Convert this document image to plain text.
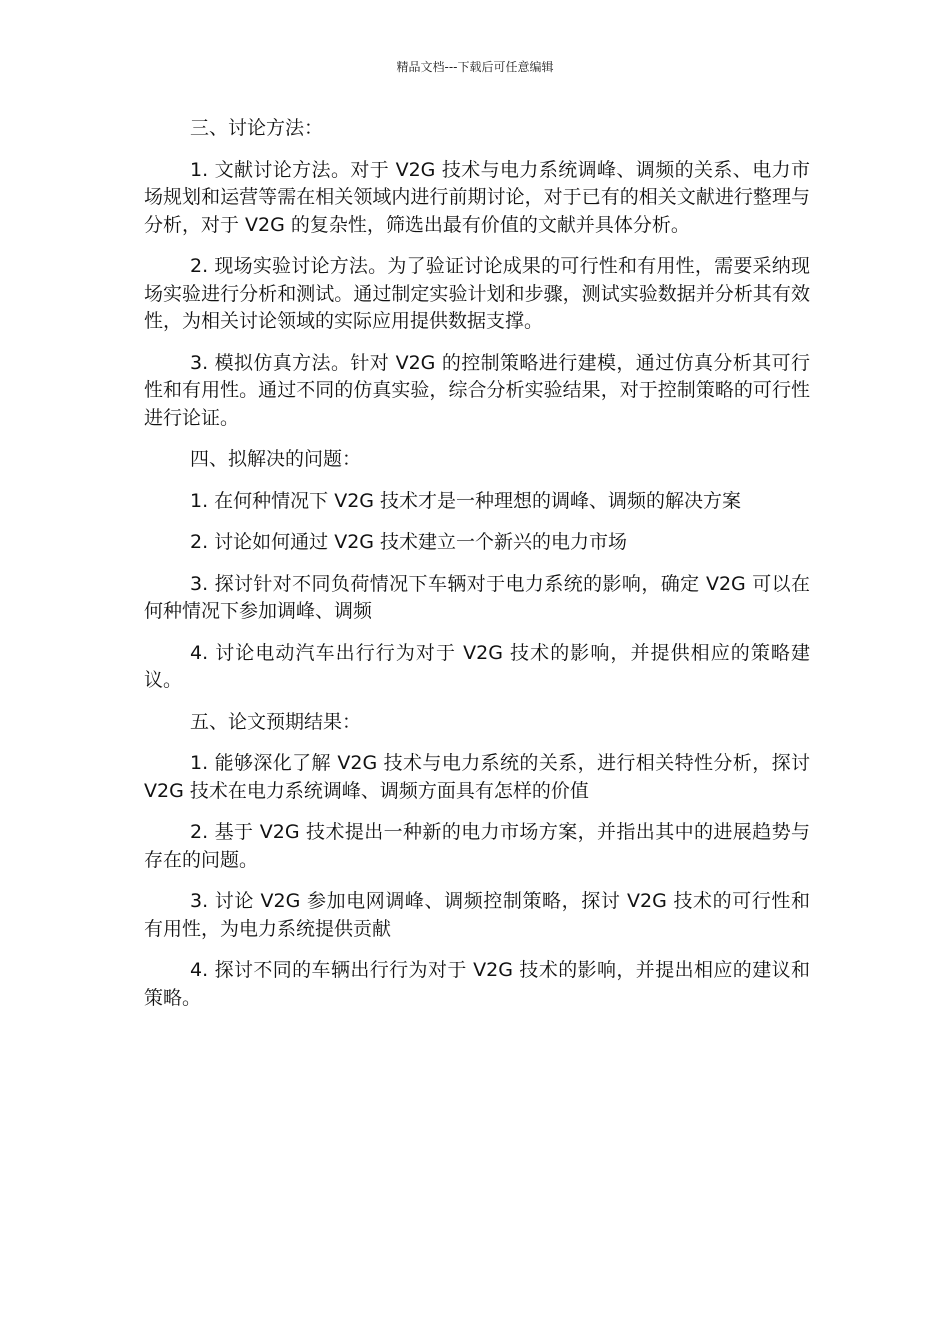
精品文档---下载后可任意编辑

三、讨论方法：

1. 文献讨论方法。对于 V2G 技术与电力系统调峰、调频的关系、电力市场规划和运营等需在相关领域内进行前期讨论，对于已有的相关文献进行整理与分析，对于 V2G 的复杂性，筛选出最有价值的文献并具体分析。

2. 现场实验讨论方法。为了验证讨论成果的可行性和有用性，需要采纳现场实验进行分析和测试。通过制定实验计划和步骤，测试实验数据并分析其有效性，为相关讨论领域的实际应用提供数据支撑。

3. 模拟仿真方法。针对 V2G 的控制策略进行建模，通过仿真分析其可行性和有用性。通过不同的仿真实验，综合分析实验结果，对于控制策略的可行性进行论证。

四、拟解决的问题：

1. 在何种情况下 V2G 技术才是一种理想的调峰、调频的解决方案

2. 讨论如何通过 V2G 技术建立一个新兴的电力市场

3. 探讨针对不同负荷情况下车辆对于电力系统的影响，确定 V2G 可以在何种情况下参加调峰、调频

4. 讨论电动汽车出行行为对于 V2G 技术的影响，并提供相应的策略建议。

五、论文预期结果：

1. 能够深化了解 V2G 技术与电力系统的关系，进行相关特性分析，探讨 V2G 技术在电力系统调峰、调频方面具有怎样的价值

2. 基于 V2G 技术提出一种新的电力市场方案，并指出其中的进展趋势与存在的问题。

3. 讨论 V2G 参加电网调峰、调频控制策略，探讨 V2G 技术的可行性和有用性，为电力系统提供贡献

4. 探讨不同的车辆出行行为对于 V2G 技术的影响，并提出相应的建议和策略。
